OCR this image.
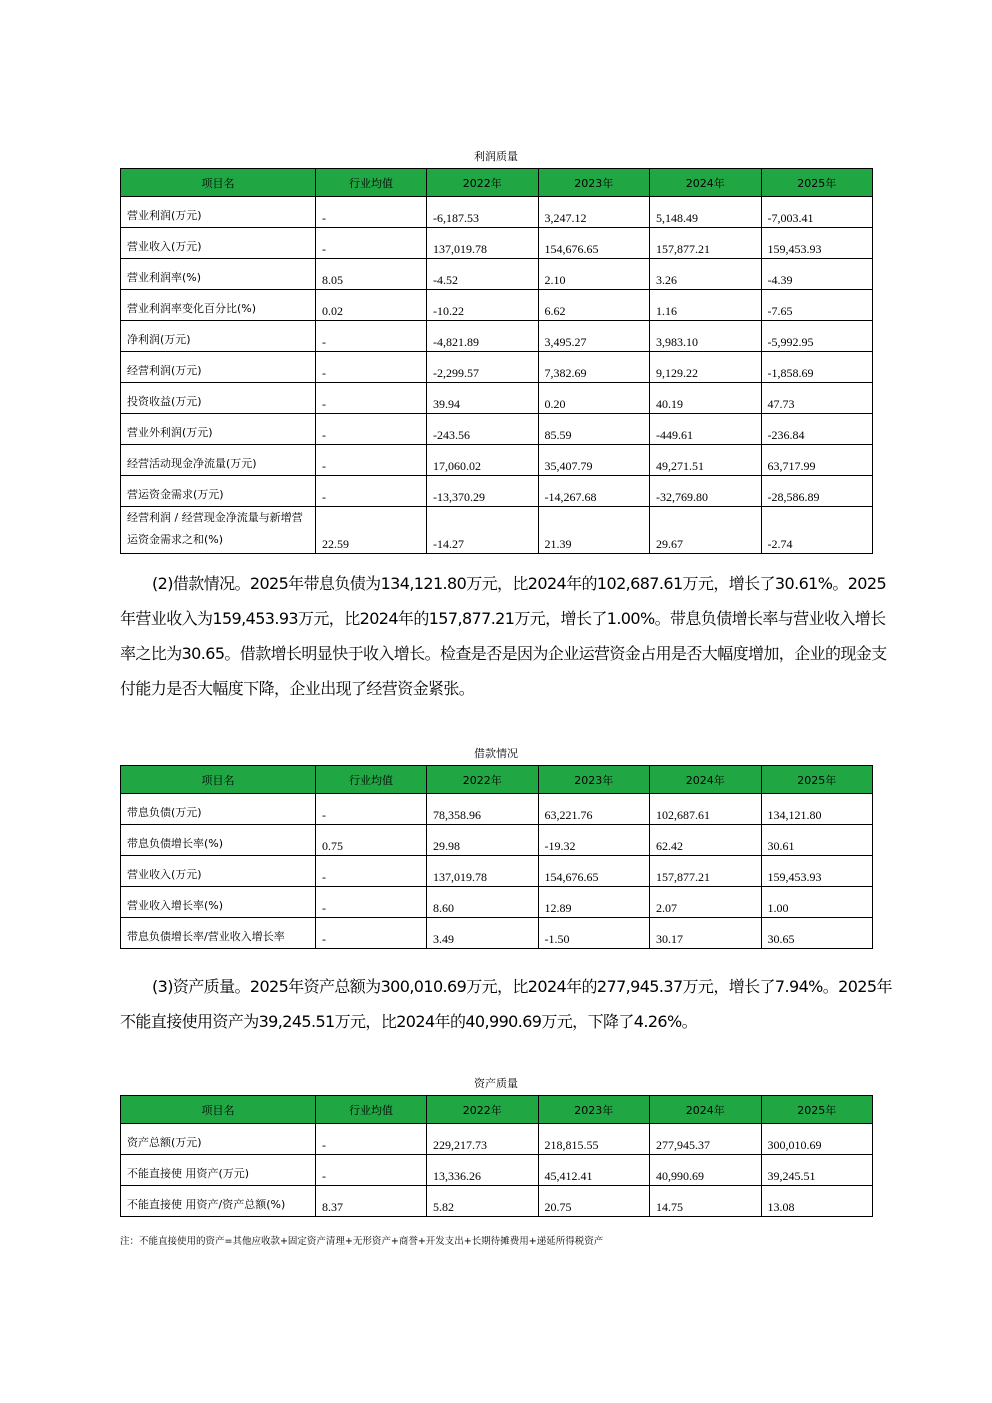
利润质量
项目名	行业均值	2022年	2023年	2024年	2025年
营业利润(万元)	-	-6,187.53	3,247.12	5,148.49	-7,003.41
营业收入(万元)	-	137,019.78	154,676.65	157,877.21	159,453.93
营业利润率(%)	8.05	-4.52	2.10	3.26	-4.39
营业利润率变化百分比(%)	0.02	-10.22	6.62	1.16	-7.65
净利润(万元)	-	-4,821.89	3,495.27	3,983.10	-5,992.95
经营利润(万元)	-	-2,299.57	7,382.69	9,129.22	-1,858.69
投资收益(万元)	-	39.94	0.20	40.19	47.73
营业外利润(万元)	-	-243.56	85.59	-449.61	-236.84
经营活动现金净流量(万元)	-	17,060.02	35,407.79	49,271.51	63,717.99
营运资金需求(万元)	-	-13,370.29	-14,267.68	-32,769.80	-28,586.89
经营利润 / 经营现金净流量与新增营运资金需求之和(%)	22.59	-14.27	21.39	29.67	-2.74

(2)借款情况。2025年带息负债为134,121.80万元，比2024年的102,687.61万元，增长了30.61%。2025年营业收入为159,453.93万元，比2024年的157,877.21万元，增长了1.00%。带息负债增长率与营业收入增长率之比为30.65。借款增长明显快于收入增长。检查是否是因为企业运营资金占用是否大幅度增加，企业的现金支付能力是否大幅度下降，企业出现了经营资金紧张。

借款情况
项目名	行业均值	2022年	2023年	2024年	2025年
带息负债(万元)	-	78,358.96	63,221.76	102,687.61	134,121.80
带息负债增长率(%)	0.75	29.98	-19.32	62.42	30.61
营业收入(万元)	-	137,019.78	154,676.65	157,877.21	159,453.93
营业收入增长率(%)	-	8.60	12.89	2.07	1.00
带息负债增长率/营业收入增长率	-	3.49	-1.50	30.17	30.65

(3)资产质量。2025年资产总额为300,010.69万元，比2024年的277,945.37万元，增长了7.94%。2025年不能直接使用资产为39,245.51万元，比2024年的40,990.69万元，下降了4.26%。

资产质量
项目名	行业均值	2022年	2023年	2024年	2025年
资产总额(万元)	-	229,217.73	218,815.55	277,945.37	300,010.69
不能直接使 用资产(万元)	-	13,336.26	45,412.41	40,990.69	39,245.51
不能直接使 用资产/资产总额(%)	8.37	5.82	20.75	14.75	13.08
注：不能直接使用的资产=其他应收款+固定资产清理+无形资产+商誉+开发支出+长期待摊费用+递延所得税资产
